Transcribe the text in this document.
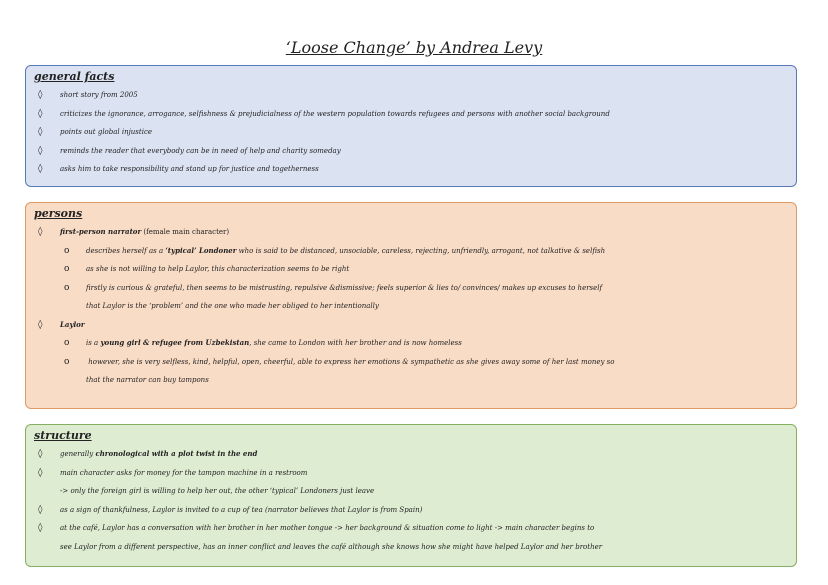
‘Loose Change’ by Andrea Levy
general facts
◊	short story from 2005
◊	criticizes the ignorance, arrogance, selfishness & prejudicialness of the western population towards refugees and persons with another social background
◊	points out global injustice
◊	reminds the reader that everybody can be in need of help and charity someday
◊	asks him to take responsibility and stand up for justice and togetherness
persons
◊	first-person narrator (female main character)
o describes herself as a ‘typical’ Londoner who is said to be distanced, unsociable, careless, rejecting, unfriendly, arrogant, not talkative & selfish
o as she is not willing to help Laylor, this characterization seems to be right
o firstly is curious & grateful, then seems to be mistrusting, repulsive &dismissive; feels superior & lies to/ convinces/ makes up excuses to herself
that Laylor is the ‘problem’ and the one who made her obliged to her intentionally
◊	Laylor
o is a young girl & refugee from Uzbekistan, she came to London with her brother and is now homeless
o however, she is very selfless, kind, helpful, open, cheerful, able to express her emotions & sympathetic as she gives away some of her last money so
that the narrator can buy tampons
structure
◊	generally chronological with a plot twist in the end
◊	main character asks for money for the tampon machine in a restroom
-> only the foreign girl is willing to help her out, the other ‘typical’ Londoners just leave
◊	as a sign of thankfulness, Laylor is invited to a cup of tea (narrator believes that Laylor is from Spain)
◊	at the café, Laylor has a conversation with her brother in her mother tongue -> her background & situation come to light -> main character begins to
see Laylor from a different perspective, has an inner conflict and leaves the café although she knows how she might have helped Laylor and her brother
